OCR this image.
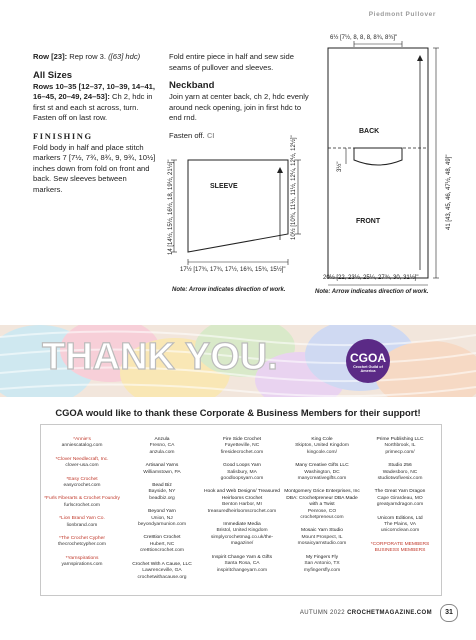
Piedmont Pullover

Row [23]: Rep row 3. ([63] hdc)

All Sizes

Rows 10–35 [12–37, 10–39, 14–41, 16–45, 20–49, 24–53]: Ch 2, hdc in first st and each st across, turn. Fasten off on last row.

FINISHING

Fold body in half and place stitch markers 7 [7½, 7¾, 8¾, 9, 9¾, 10½] inches down from fold on front and back. Sew sleeves between markers.

Fold entire piece in half and sew side seams of pullover and sleeves.

Neckband

Join yarn at center back, ch 2, hdc evenly around neck opening, join in first hdc to end rnd.

Fasten off. CI

SLEEVE
14 [14½, 15½, 16½, 18, 19½, 21½]"	10½ [10¾, 11½, 11½, 12¼, 12½, 12½]"
17½ [17¾, 17¾, 17½, 16¾, 15¾, 15½]"
Note: Arrow indicates direction of work.
6½ [7½, 8, 8, 8, 8¾, 8¾]"
BACK
FRONT
3½"	41 [43, 45, 46, 47½, 48, 49]"
20½ [22, 23½, 25¼, 27¾, 30, 31½]"
Note: Arrow indicates direction of work.
THANK YOU.	CGOA
Crochet Guild of America
CGOA would like to thank these Corporate & Business Members for their support!
*Annie's
anniescatalog.com
*Clover Needlecraft, Inc.
clover-usa.com
*Easy Crochet
easycrochet.com
*Furls Fiberarts & Crochet Foundry
furlscrochet.com
*Lion Brand Yarn Co.
lionbrand.com
*The Crochet Cypher
thecrochetcypher.com
*Yarnspirations
yarnspirations.com
Anzula
Fresno, CA
anzula.com
Artisanal Yarns
Williamstown, PA
Bead Biz
Bayside, NY
beadbiz.org
Beyond Yarn
Union, NJ
beyondyarnunion.com
Cre8tion Crochet
Hubert, NC
cre8tioncrochet.com
Crochet With A Cause, LLC
Lawrenceville, GA
crochetwithacause.org
Fire Side Crochet
Fayetteville, NC
firesidecrochet.com
Good Loops Yarn
Salisbury, MA
goodloopsyarn.com
Hook and Web Designs/ Treasured Heirlooms Crochet
Benton Harbor, MI
treasuredheirloomscrochet.com
Immediate Media
Bristol, United Kingdom
simplycrochetmag.co.uk/the-magazine/
Inspirit Change Yarn & Gifts
Santa Rosa, CA
inspiritchangeyarn.com
King Cole
Skipton, United Kingdom
kingcole.com/
Many Creative Gifts LLC
Washington, DC
manycreativegifts.com
Montgomery Grice Enterprises, Inc DBA: Crochetpreneur DBA Made with a Twist
Penrose, CO
crochetpreneur.com
Mosaic Yarn Studio
Mount Prospect, IL
mosaicyarnstudio.com
My Fingers Fly
San Antonio, TX
myfingersfly.com
Prime Publishing LLC
Northbrook, IL
primecp.com/
Studio 256
Wadesboro, NC
studiotwofivesix.com
The Great Yarn Dragon
Cape Girardeau, MO
greatyarndragon.com
Unicorn Editions, Ltd
The Plains, VA
unicornclean.com
*CORPORATE MEMBERS
BUSINESS MEMBERS
AUTUMN 2022 CROCHETMAGAZINE.COM	31
